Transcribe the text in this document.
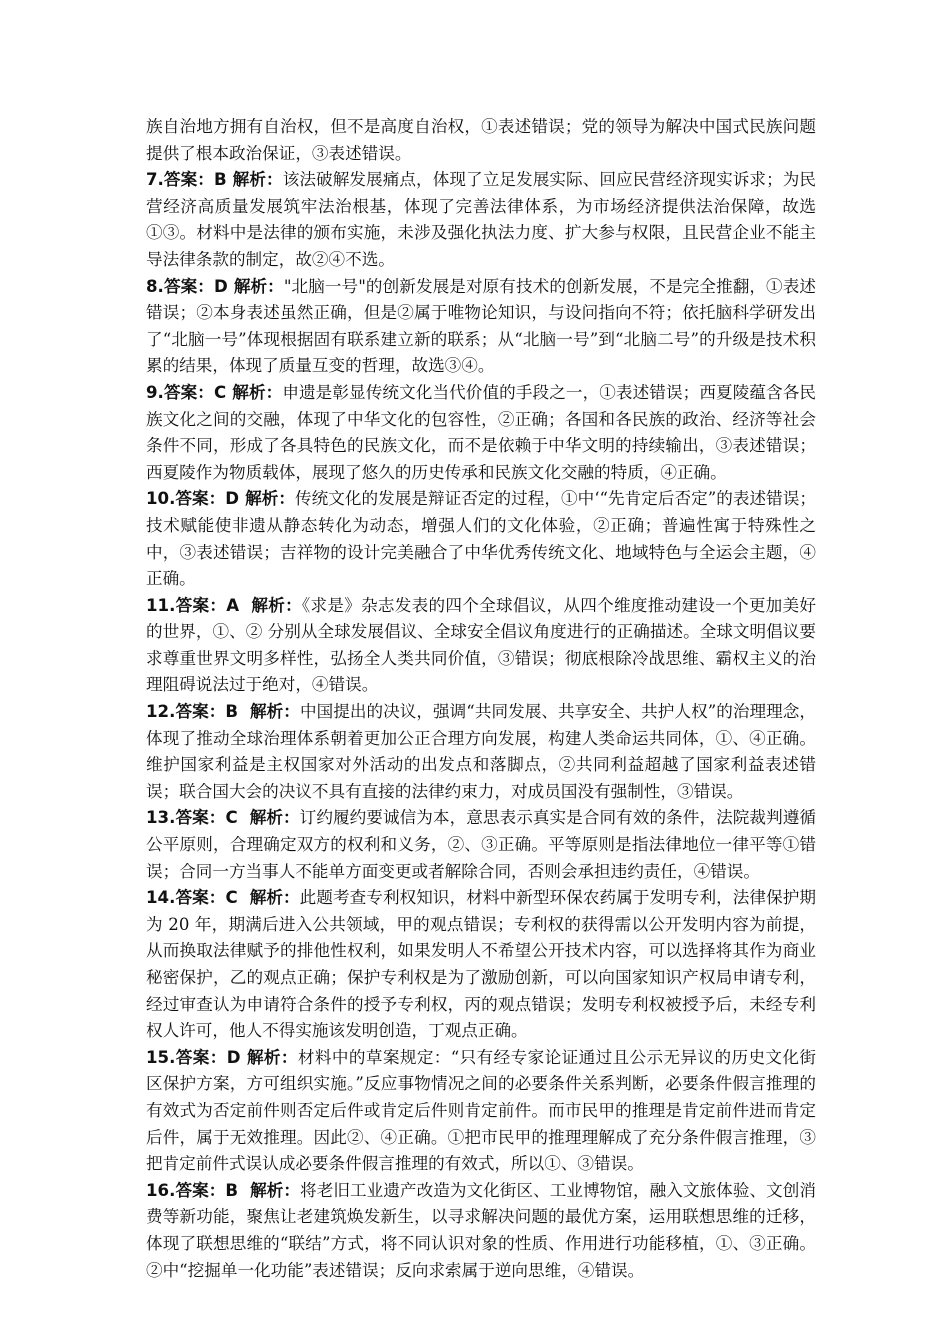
族自治地方拥有自治权，但不是高度自治权，①表述错误；党的领导为解决中国式民族问题提供了根本政治保证，③表述错误。

7.答案：B 解析：该法破解发展痛点，体现了立足发展实际、回应民营经济现实诉求；为民营经济高质量发展筑牢法治根基，体现了完善法律体系，为市场经济提供法治保障，故选①③。材料中是法律的颁布实施，未涉及强化执法力度、扩大参与权限，且民营企业不能主导法律条款的制定，故②④不选。

8.答案：D 解析："北脑一号"的创新发展是对原有技术的创新发展，不是完全推翻，①表述错误；②本身表述虽然正确，但是②属于唯物论知识，与设问指向不符；依托脑科学研发出了“北脑一号”体现根据固有联系建立新的联系；从“北脑一号”到“北脑二号”的升级是技术积累的结果，体现了质量互变的哲理，故选③④。

9.答案：C 解析：申遗是彰显传统文化当代价值的手段之一，①表述错误；西夏陵蕴含各民族文化之间的交融，体现了中华文化的包容性，②正确；各国和各民族的政治、经济等社会条件不同，形成了各具特色的民族文化，而不是依赖于中华文明的持续输出，③表述错误；西夏陵作为物质载体，展现了悠久的历史传承和民族文化交融的特质，④正确。

10.答案：D 解析：传统文化的发展是辩证否定的过程，①中‘“先肯定后否定”的表述错误；技术赋能使非遗从静态转化为动态，增强人们的文化体验，②正确；普遍性寓于特殊性之中，③表述错误；吉祥物的设计完美融合了中华优秀传统文化、地域特色与全运会主题，④正确。

11.答案：A 解析：《求是》杂志发表的四个全球倡议，从四个维度推动建设一个更加美好的世界，①、② 分别从全球发展倡议、全球安全倡议角度进行的正确描述。全球文明倡议要求尊重世界文明多样性，弘扬全人类共同价值，③错误；彻底根除冷战思维、霸权主义的治理阻碍说法过于绝对，④错误。

12.答案：B 解析：中国提出的决议，强调“共同发展、共享安全、共护人权”的治理理念，体现了推动全球治理体系朝着更加公正合理方向发展，构建人类命运共同体，①、④正确。维护国家利益是主权国家对外活动的出发点和落脚点，②共同利益超越了国家利益表述错误；联合国大会的决议不具有直接的法律约束力，对成员国没有强制性，③错误。

13.答案：C 解析：订约履约要诚信为本，意思表示真实是合同有效的条件，法院裁判遵循公平原则，合理确定双方的权利和义务，②、③正确。平等原则是指法律地位一律平等①错误；合同一方当事人不能单方面变更或者解除合同，否则会承担违约责任，④错误。

14.答案：C 解析：此题考查专利权知识，材料中新型环保农药属于发明专利，法律保护期为 20 年，期满后进入公共领域，甲的观点错误；专利权的获得需以公开发明内容为前提，从而换取法律赋予的排他性权利，如果发明人不希望公开技术内容，可以选择将其作为商业秘密保护，乙的观点正确；保护专利权是为了激励创新，可以向国家知识产权局申请专利，经过审查认为申请符合条件的授予专利权，丙的观点错误；发明专利权被授予后，未经专利权人许可，他人不得实施该发明创造，丁观点正确。

15.答案：D 解析：材料中的草案规定：“只有经专家论证通过且公示无异议的历史文化街区保护方案，方可组织实施。”反应事物情况之间的必要条件关系判断，必要条件假言推理的有效式为否定前件则否定后件或肯定后件则肯定前件。而市民甲的推理是肯定前件进而肯定后件，属于无效推理。因此②、④正确。①把市民甲的推理理解成了充分条件假言推理，③把肯定前件式误认成必要条件假言推理的有效式，所以①、③错误。

16.答案：B 解析：将老旧工业遗产改造为文化街区、工业博物馆，融入文旅体验、文创消费等新功能，聚焦让老建筑焕发新生，以寻求解决问题的最优方案，运用联想思维的迁移，体现了联想思维的“联结”方式，将不同认识对象的性质、作用进行功能移植，①、③正确。②中“挖掘单一化功能”表述错误；反向求索属于逆向思维，④错误。
